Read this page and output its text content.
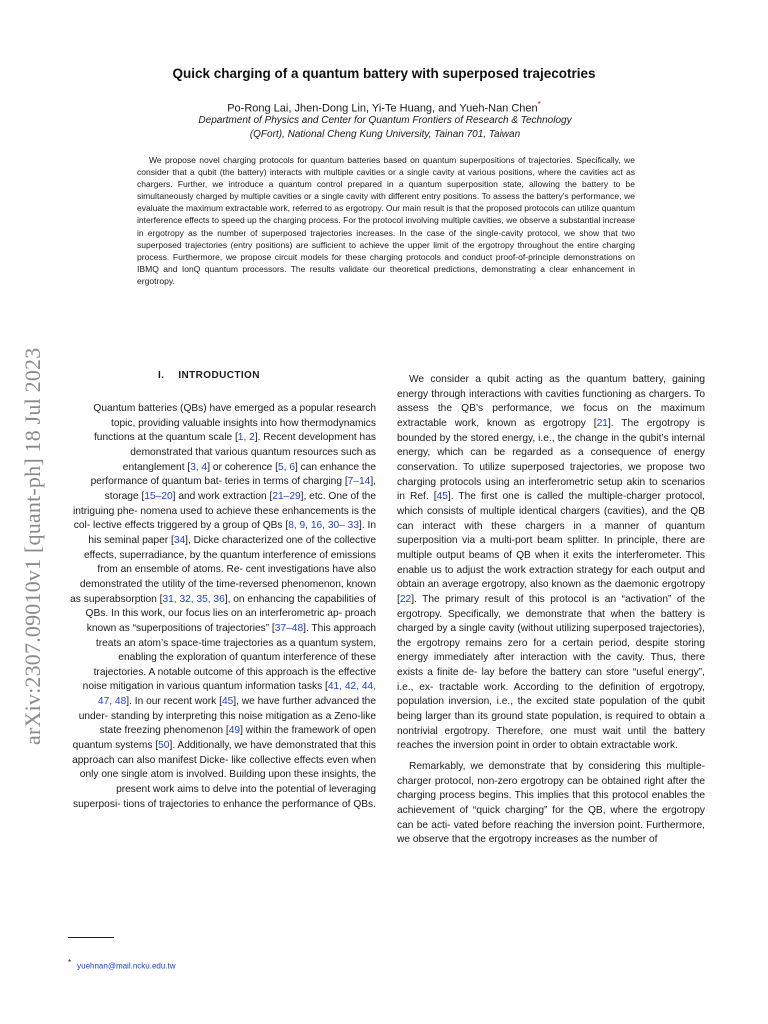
arXiv:2307.09010v1 [quant-ph] 18 Jul 2023
Quick charging of a quantum battery with superposed trajecotries
Po-Rong Lai, Jhen-Dong Lin, Yi-Te Huang, and Yueh-Nan Chen*
Department of Physics and Center for Quantum Frontiers of Research & Technology (QFort), National Cheng Kung University, Tainan 701, Taiwan

We propose novel charging protocols for quantum batteries based on quantum superpositions of trajectories. Specifically, we consider that a qubit (the battery) interacts with multiple cavities or a single cavity at various positions, where the cavities act as chargers. Further, we introduce a quantum control prepared in a quantum superposition state, allowing the battery to be simultaneously charged by multiple cavities or a single cavity with different entry positions. To assess the battery's performance, we evaluate the maximum extractable work, referred to as ergotropy. Our main result is that the proposed protocols can utilize quantum interference effects to speed up the charging process. For the protocol involving multiple cavities, we observe a substantial increase in ergotropy as the number of superposed trajectories increases. In the case of the single-cavity protocol, we show that two superposed trajectories (entry positions) are sufficient to achieve the upper limit of the ergotropy throughout the entire charging process. Furthermore, we propose circuit models for these charging protocols and conduct proof-of-principle demonstrations on IBMQ and IonQ quantum processors. The results validate our theoretical predictions, demonstrating a clear enhancement in ergotropy.

I. INTRODUCTION

Quantum batteries (QBs) have emerged as a popular research topic, providing valuable insights into how thermodynamics functions at the quantum scale [1, 2]. Recent development has demonstrated that various quantum resources such as entanglement [3, 4] or coherence [5, 6] can enhance the performance of quantum bat- teries in terms of charging [7–14], storage [15–20] and work extraction [21–29], etc. One of the intriguing phe- nomena used to achieve these enhancements is the col- lective effects triggered by a group of QBs [8, 9, 16, 30– 33]. In his seminal paper [34], Dicke characterized one of the collective effects, superradiance, by the quantum interference of emissions from an ensemble of atoms. Re- cent investigations have also demonstrated the utility of the time-reversed phenomenon, known as superabsorption [31, 32, 35, 36], on enhancing the capabilities of QBs. In this work, our focus lies on an interferometric ap- proach known as “superpositions of trajectories” [37–48]. This approach treats an atom’s space-time trajectories as a quantum system, enabling the exploration of quantum interference of these trajectories. A notable outcome of this approach is the effective noise mitigation in various quantum information tasks [41, 42, 44, 47, 48]. In our recent work [45], we have further advanced the under- standing by interpreting this noise mitigation as a Zeno-like state freezing phenomenon [49] within the framework of open quantum systems [50]. Additionally, we have demonstrated that this approach can also manifest Dicke- like collective effects even when only one single atom is involved. Building upon these insights, the present work aims to delve into the potential of leveraging superposi- tions of trajectories to enhance the performance of QBs.

We consider a qubit acting as the quantum battery, gaining energy through interactions with cavities functioning as chargers. To assess the QB’s performance, we focus on the maximum extractable work, known as ergotropy [21]. The ergotropy is bounded by the stored energy, i.e., the change in the qubit’s internal energy, which can be regarded as a consequence of energy conservation. To utilize superposed trajectories, we propose two charging protocols using an interferometric setup akin to scenarios in Ref. [45]. The first one is called the multiple-charger protocol, which consists of multiple identical chargers (cavities), and the QB can interact with these chargers in a manner of quantum superposition via a multi-port beam splitter. In principle, there are multiple output beams of QB when it exits the interferometer. This enable us to adjust the work extraction strategy for each output and obtain an average ergotropy, also known as the daemonic ergotropy [22]. The primary result of this protocol is an “activation” of the ergotropy. Specifically, we demonstrate that when the battery is charged by a single cavity (without utilizing superposed trajectories), the ergotropy remains zero for a certain period, despite storing energy immediately after interaction with the cavity. Thus, there exists a finite de- lay before the battery can store “useful energy”, i.e., ex- tractable work. According to the definition of ergotropy, population inversion, i.e., the excited state population of the qubit being larger than its ground state population, is required to obtain a nontrivial ergotropy. Therefore, one must wait until the battery reaches the inversion point in order to obtain extractable work.

Remarkably, we demonstrate that by considering this multiple-charger protocol, non-zero ergotropy can be obtained right after the charging process begins. This implies that this protocol enables the achievement of “quick charging” for the QB, where the ergotropy can be acti- vated before reaching the inversion point. Furthermore, we observe that the ergotropy increases as the number of

* yuehnan@mail.ncku.edu.tw
